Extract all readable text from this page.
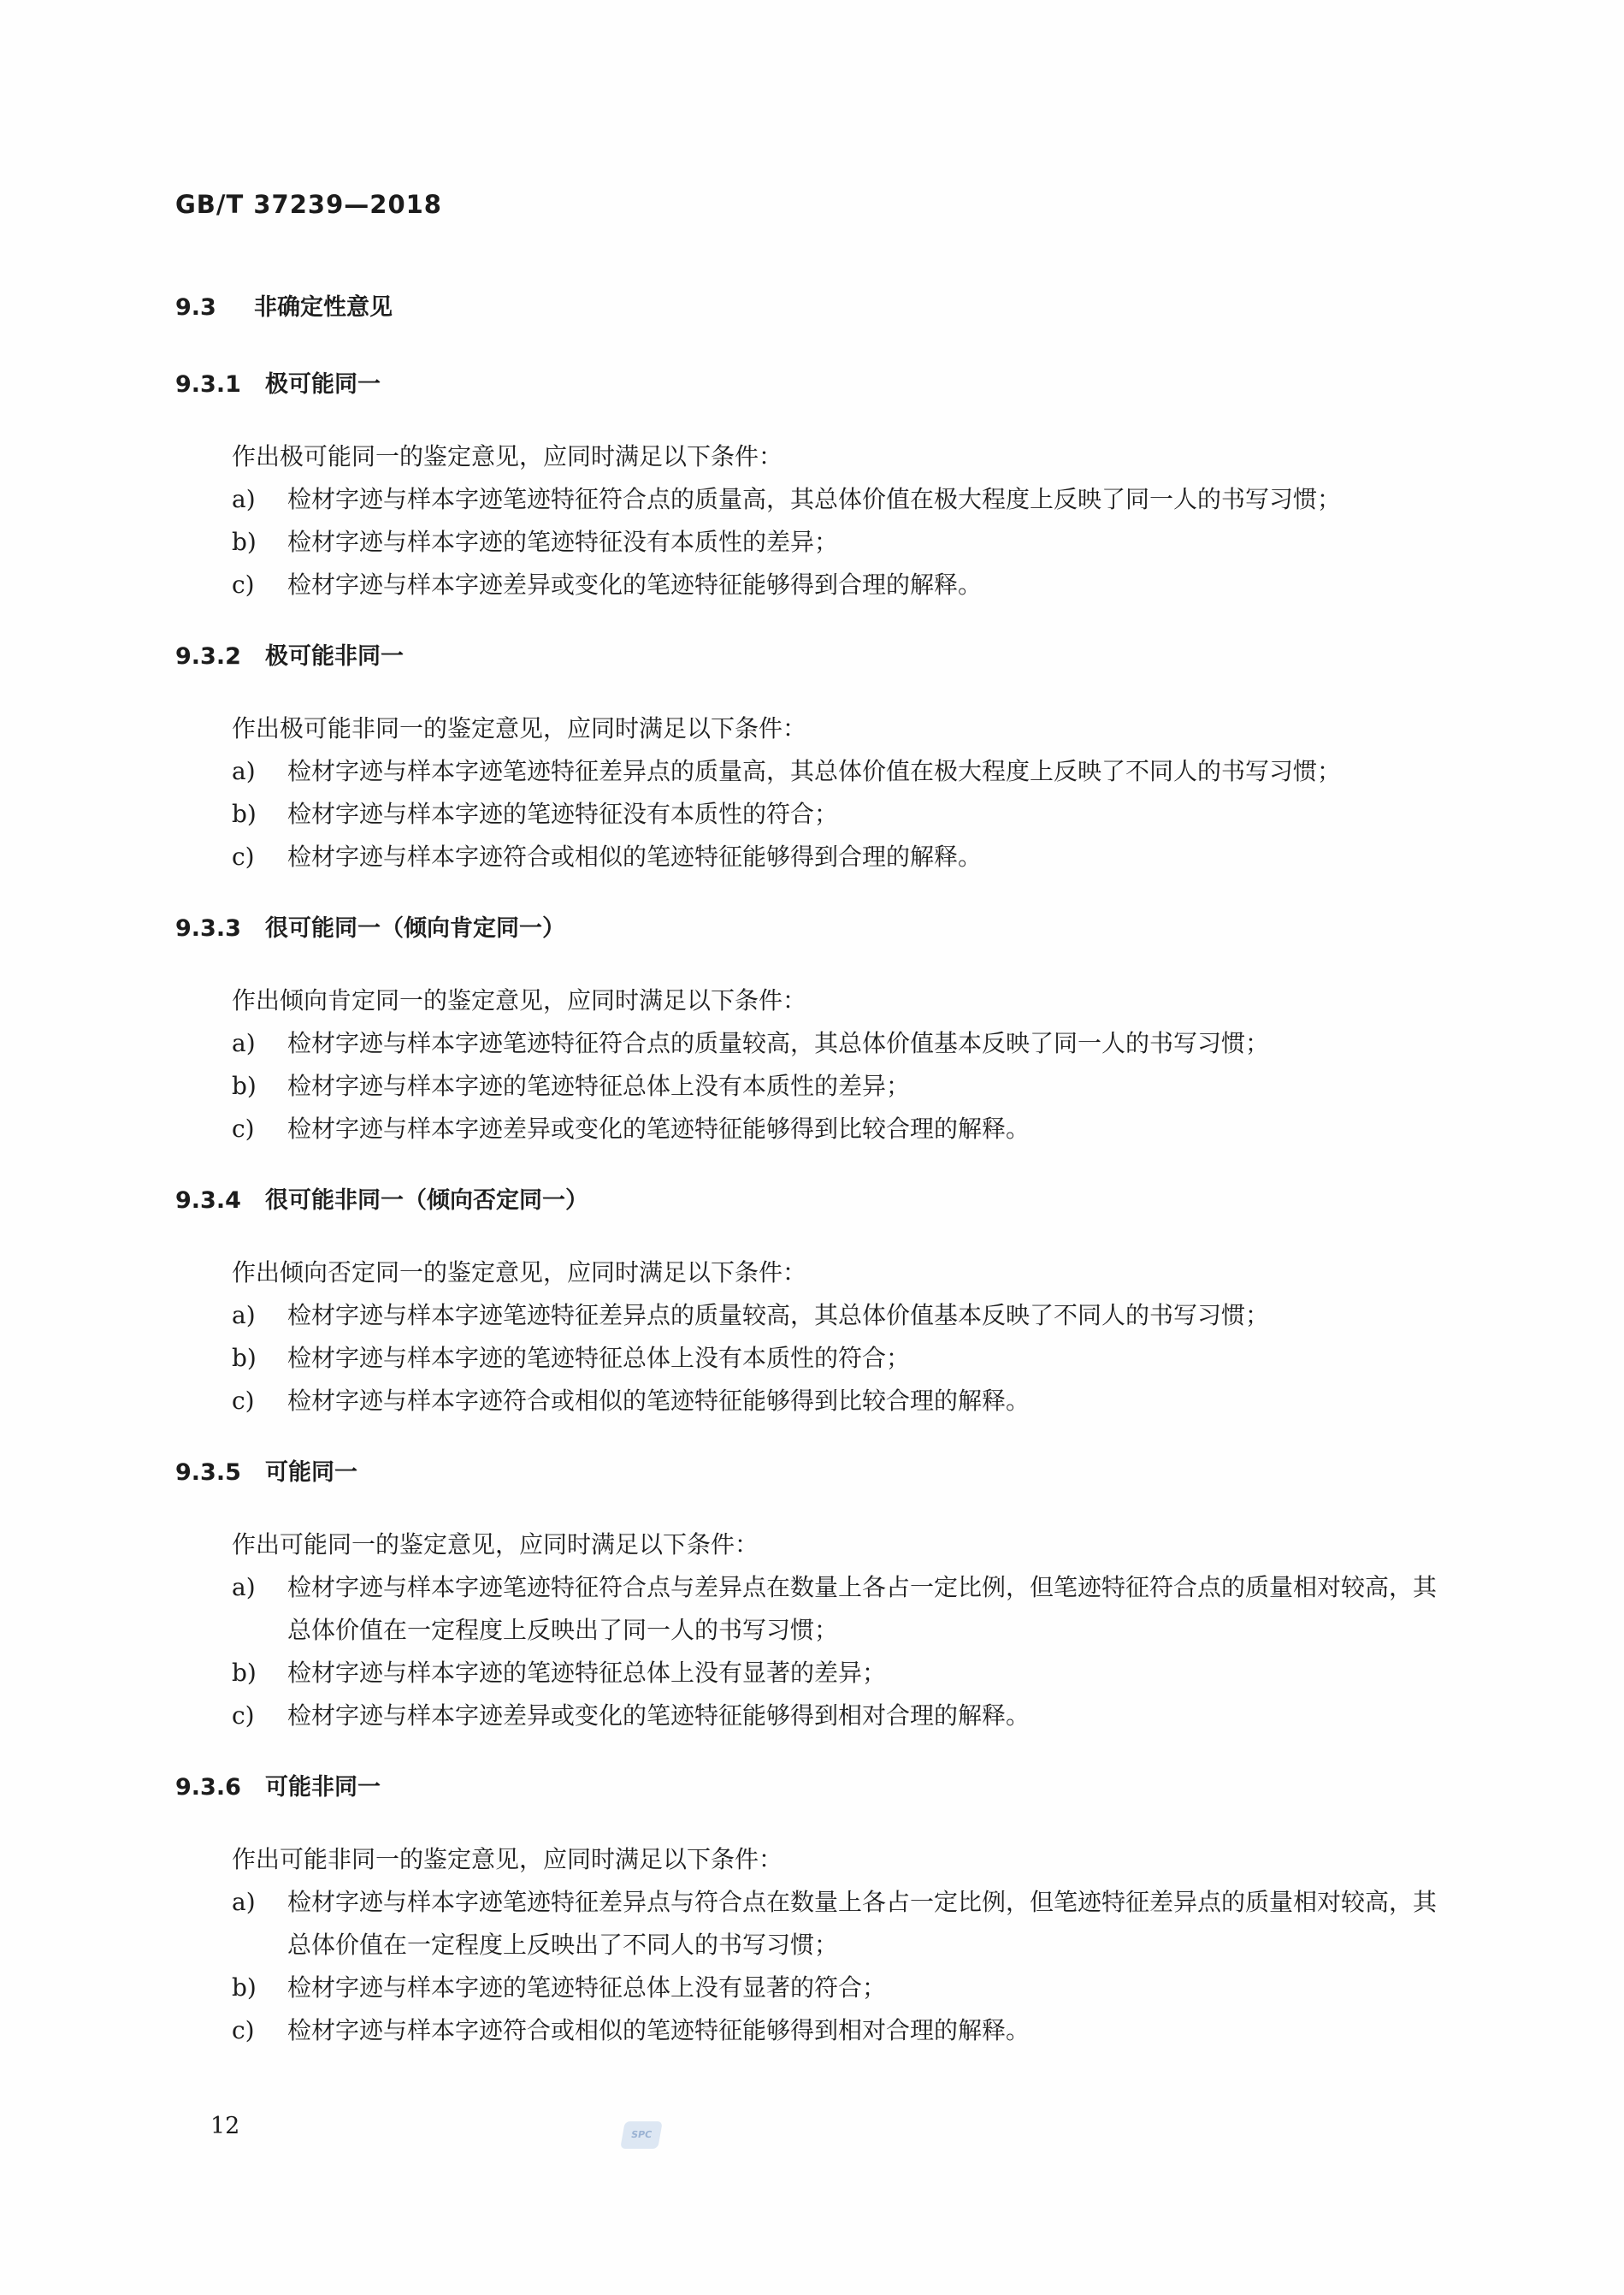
GB/T 37239—2018
9.3 非确定性意见
9.3.1 极可能同一
作出极可能同一的鉴定意见，应同时满足以下条件：
a) 检材字迹与样本字迹笔迹特征符合点的质量高，其总体价值在极大程度上反映了同一人的书写习惯；
b) 检材字迹与样本字迹的笔迹特征没有本质性的差异；
c) 检材字迹与样本字迹差异或变化的笔迹特征能够得到合理的解释。
9.3.2 极可能非同一
作出极可能非同一的鉴定意见，应同时满足以下条件：
a) 检材字迹与样本字迹笔迹特征差异点的质量高，其总体价值在极大程度上反映了不同人的书写习惯；
b) 检材字迹与样本字迹的笔迹特征没有本质性的符合；
c) 检材字迹与样本字迹符合或相似的笔迹特征能够得到合理的解释。
9.3.3 很可能同一（倾向肯定同一）
作出倾向肯定同一的鉴定意见，应同时满足以下条件：
a) 检材字迹与样本字迹笔迹特征符合点的质量较高，其总体价值基本反映了同一人的书写习惯；
b) 检材字迹与样本字迹的笔迹特征总体上没有本质性的差异；
c) 检材字迹与样本字迹差异或变化的笔迹特征能够得到比较合理的解释。
9.3.4 很可能非同一（倾向否定同一）
作出倾向否定同一的鉴定意见，应同时满足以下条件：
a) 检材字迹与样本字迹笔迹特征差异点的质量较高，其总体价值基本反映了不同人的书写习惯；
b) 检材字迹与样本字迹的笔迹特征总体上没有本质性的符合；
c) 检材字迹与样本字迹符合或相似的笔迹特征能够得到比较合理的解释。
9.3.5 可能同一
作出可能同一的鉴定意见，应同时满足以下条件：
a) 检材字迹与样本字迹笔迹特征符合点与差异点在数量上各占一定比例，但笔迹特征符合点的质量相对较高，其总体价值在一定程度上反映出了同一人的书写习惯；
b) 检材字迹与样本字迹的笔迹特征总体上没有显著的差异；
c) 检材字迹与样本字迹差异或变化的笔迹特征能够得到相对合理的解释。
9.3.6 可能非同一
作出可能非同一的鉴定意见，应同时满足以下条件：
a) 检材字迹与样本字迹笔迹特征差异点与符合点在数量上各占一定比例，但笔迹特征差异点的质量相对较高，其总体价值在一定程度上反映出了不同人的书写习惯；
b) 检材字迹与样本字迹的笔迹特征总体上没有显著的符合；
c) 检材字迹与样本字迹符合或相似的笔迹特征能够得到相对合理的解释。
12	SPC
